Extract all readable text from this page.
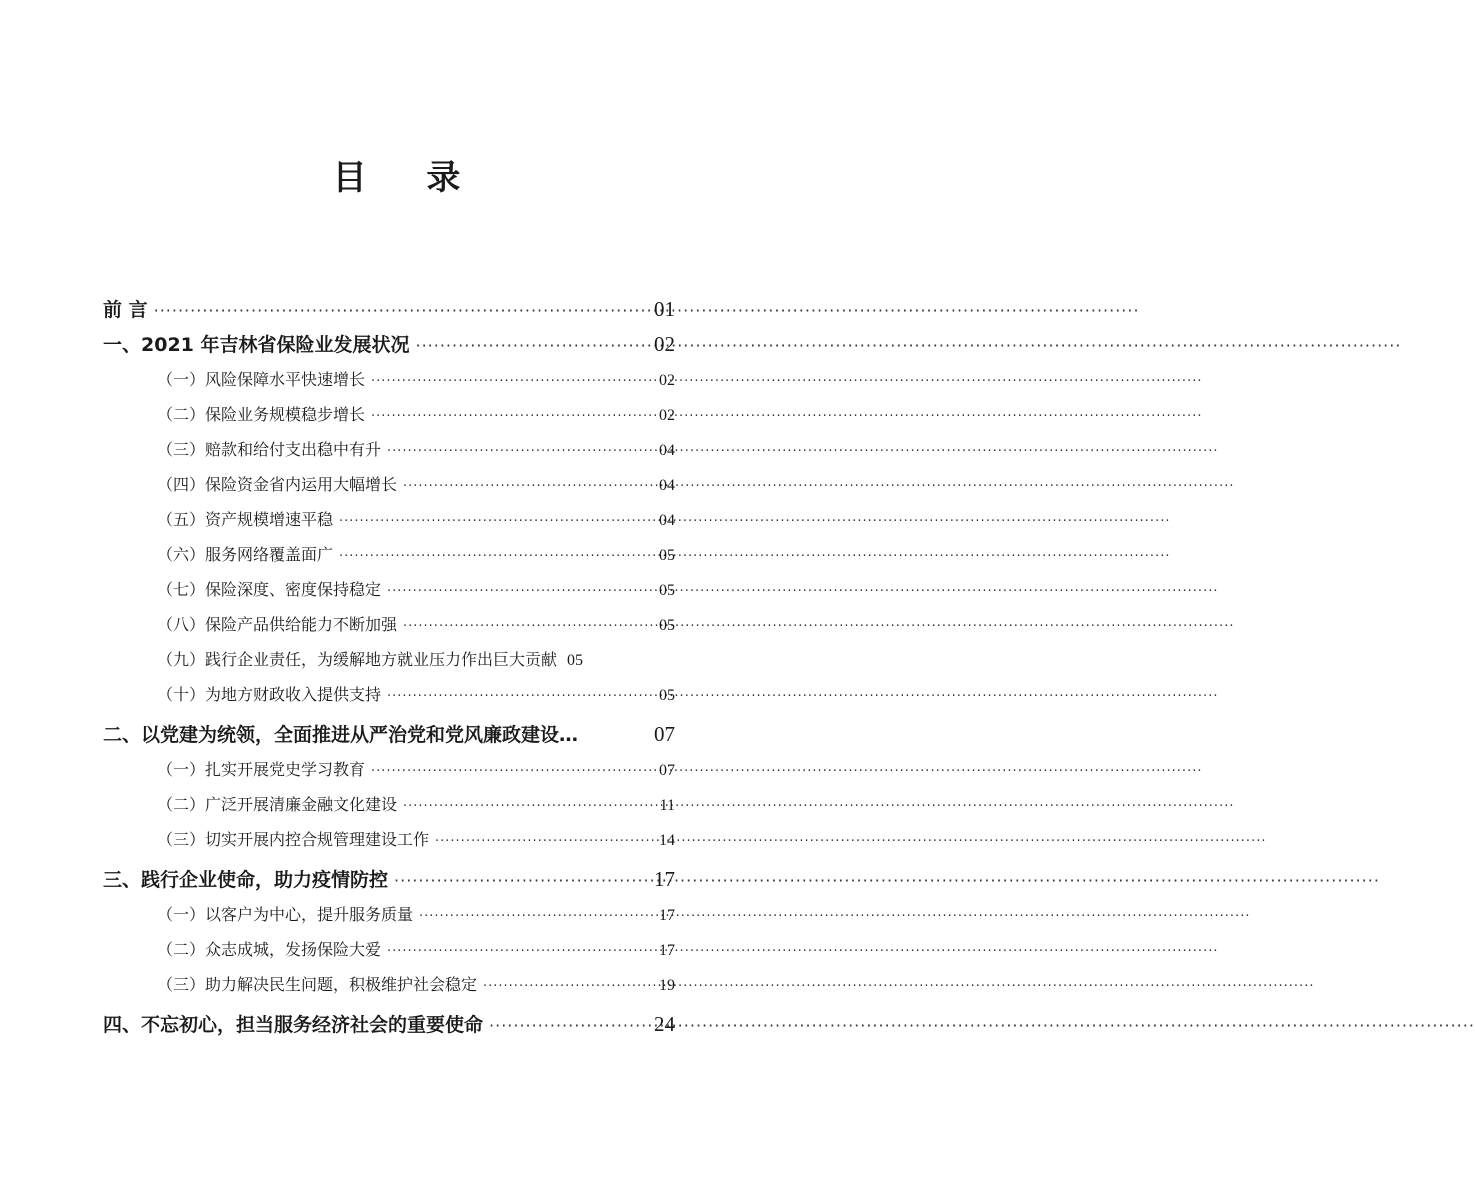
目 录
前 言 ·····	01
一、2021 年吉林省保险业发展状况 ·····	02
（一）风险保障水平快速增长 ·····	02
（二）保险业务规模稳步增长 ·····	02
（三）赔款和给付支出稳中有升 ·····	04
（四）保险资金省内运用大幅增长 ·····	04
（五）资产规模增速平稳 ·····	04
（六）服务网络覆盖面广 ·····	05
（七）保险深度、密度保持稳定 ·····	05
（八）保险产品供给能力不断加强 ·····	05
（九）践行企业责任，为缓解地方就业压力作出巨大贡献 05
（十）为地方财政收入提供支持 ·····	05
二、以党建为统领，全面推进从严治党和党风廉政建设…	07
（一）扎实开展党史学习教育 ·····	07
（二）广泛开展清廉金融文化建设 ·····	11
（三）切实开展内控合规管理建设工作 ·····	14
三、践行企业使命，助力疫情防控 ·····	17
（一）以客户为中心，提升服务质量 ·····	17
（二）众志成城，发扬保险大爱 ·····	17
（三）助力解决民生问题，积极维护社会稳定 ·····	19
四、不忘初心，担当服务经济社会的重要使命 ·····	24
